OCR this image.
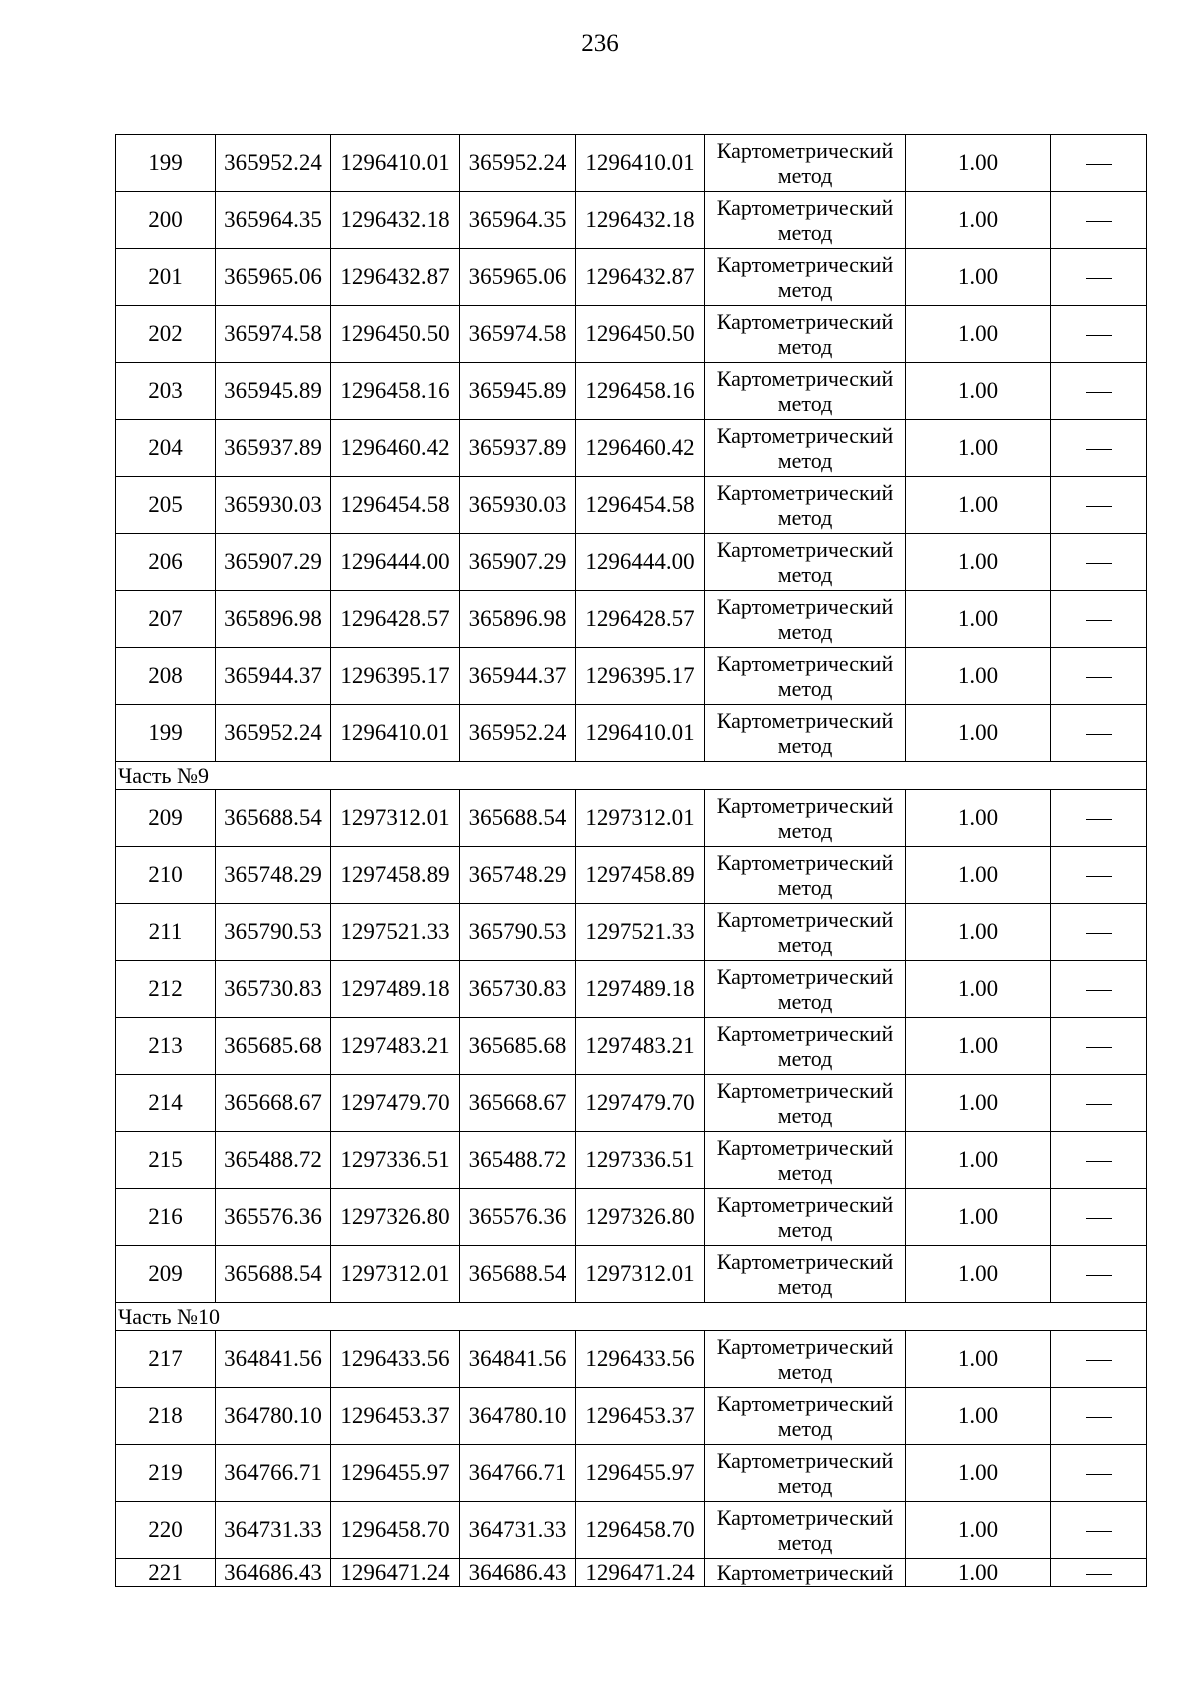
236
199	365952.24	1296410.01	365952.24	1296410.01	Картометрический метод	1.00	
200	365964.35	1296432.18	365964.35	1296432.18	Картометрический метод	1.00	
201	365965.06	1296432.87	365965.06	1296432.87	Картометрический метод	1.00	
202	365974.58	1296450.50	365974.58	1296450.50	Картометрический метод	1.00	
203	365945.89	1296458.16	365945.89	1296458.16	Картометрический метод	1.00	
204	365937.89	1296460.42	365937.89	1296460.42	Картометрический метод	1.00	
205	365930.03	1296454.58	365930.03	1296454.58	Картометрический метод	1.00	
206	365907.29	1296444.00	365907.29	1296444.00	Картометрический метод	1.00	
207	365896.98	1296428.57	365896.98	1296428.57	Картометрический метод	1.00	
208	365944.37	1296395.17	365944.37	1296395.17	Картометрический метод	1.00	
199	365952.24	1296410.01	365952.24	1296410.01	Картометрический метод	1.00	
Часть №9							
209	365688.54	1297312.01	365688.54	1297312.01	Картометрический метод	1.00	
210	365748.29	1297458.89	365748.29	1297458.89	Картометрический метод	1.00	
211	365790.53	1297521.33	365790.53	1297521.33	Картометрический метод	1.00	
212	365730.83	1297489.18	365730.83	1297489.18	Картометрический метод	1.00	
213	365685.68	1297483.21	365685.68	1297483.21	Картометрический метод	1.00	
214	365668.67	1297479.70	365668.67	1297479.70	Картометрический метод	1.00	
215	365488.72	1297336.51	365488.72	1297336.51	Картометрический метод	1.00	
216	365576.36	1297326.80	365576.36	1297326.80	Картометрический метод	1.00	
209	365688.54	1297312.01	365688.54	1297312.01	Картометрический метод	1.00	
Часть №10							
217	364841.56	1296433.56	364841.56	1296433.56	Картометрический метод	1.00	
218	364780.10	1296453.37	364780.10	1296453.37	Картометрический метод	1.00	
219	364766.71	1296455.97	364766.71	1296455.97	Картометрический метод	1.00	
220	364731.33	1296458.70	364731.33	1296458.70	Картометрический метод	1.00	
221	364686.43	1296471.24	364686.43	1296471.24	Картометрический	1.00	
